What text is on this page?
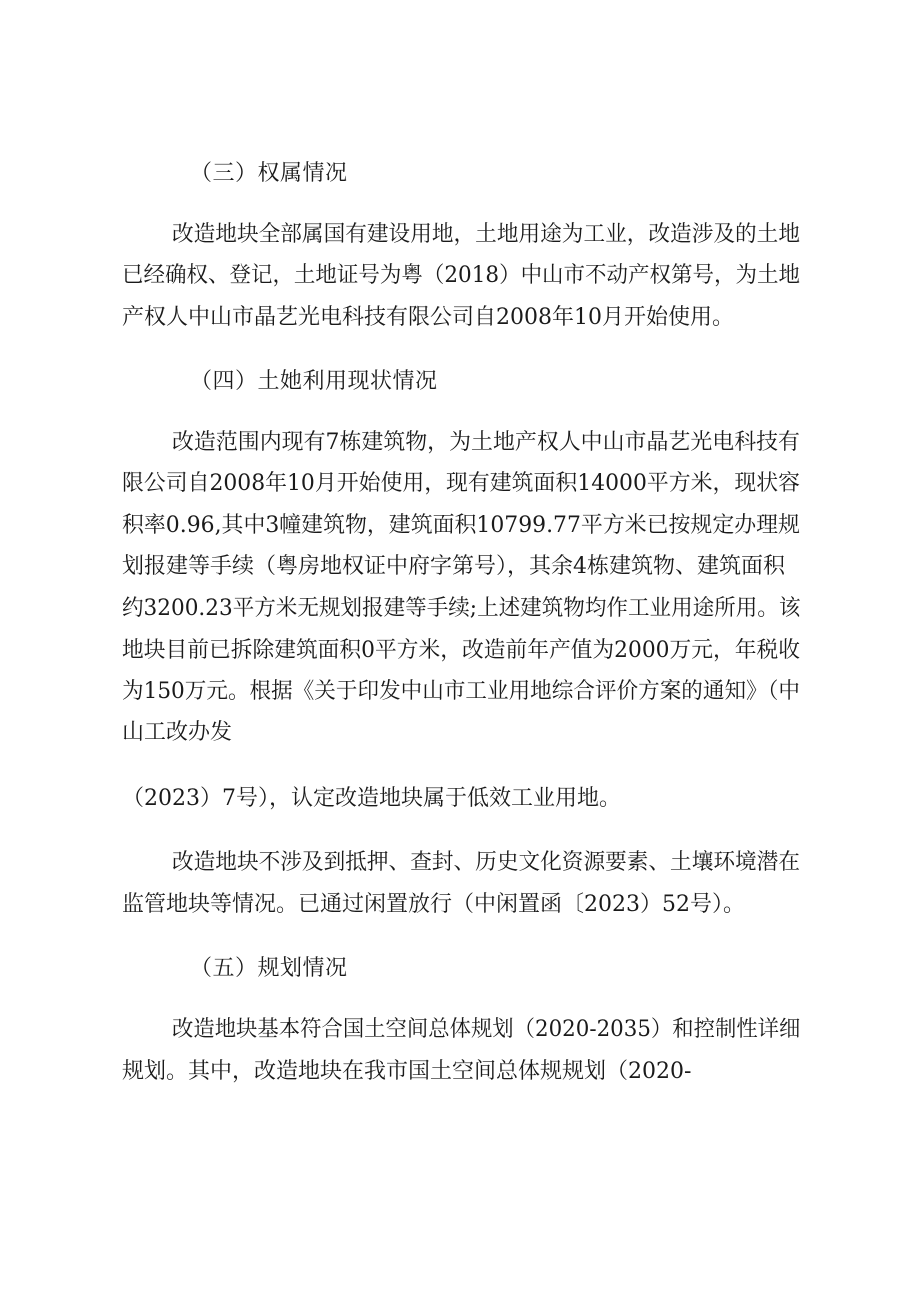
（三）权属情况
改造地块全部属国有建设用地，土地用途为工业，改造涉及的土地
已经确权、登记，土地证号为粤（2018）中山市不动产权第号，为土地
产权人中山市晶艺光电科技有限公司自2008年10月开始使用。
（四）土她利用现状情况
改造范围内现有7栋建筑物，为土地产权人中山市晶艺光电科技有
限公司自2008年10月开始使用，现有建筑面积14000平方米，现状容
积率0.96,其中3幢建筑物，建筑面积10799.77平方米已按规定办理规
划报建等手续（粤房地权证中府字第号），其余4栋建筑物、建筑面积
约3200.23平方米无规划报建等手续;上述建筑物均作工业用途所用。该
地块目前已拆除建筑面积0平方米，改造前年产值为2000万元，年税收
为150万元。根据《关于印发中山市工业用地综合评价方案的通知》（中
山工改办发
（2023）7号），认定改造地块属于低效工业用地。
改造地块不涉及到抵押、查封、历史文化资源要素、土壤环境潜在
监管地块等情况。已通过闲置放行（中闲置函〔2023）52号）。
（五）规划情况
改造地块基本符合国土空间总体规划（2020-2035）和控制性详细
规划。其中，改造地块在我市国土空间总体规规划（2020-
